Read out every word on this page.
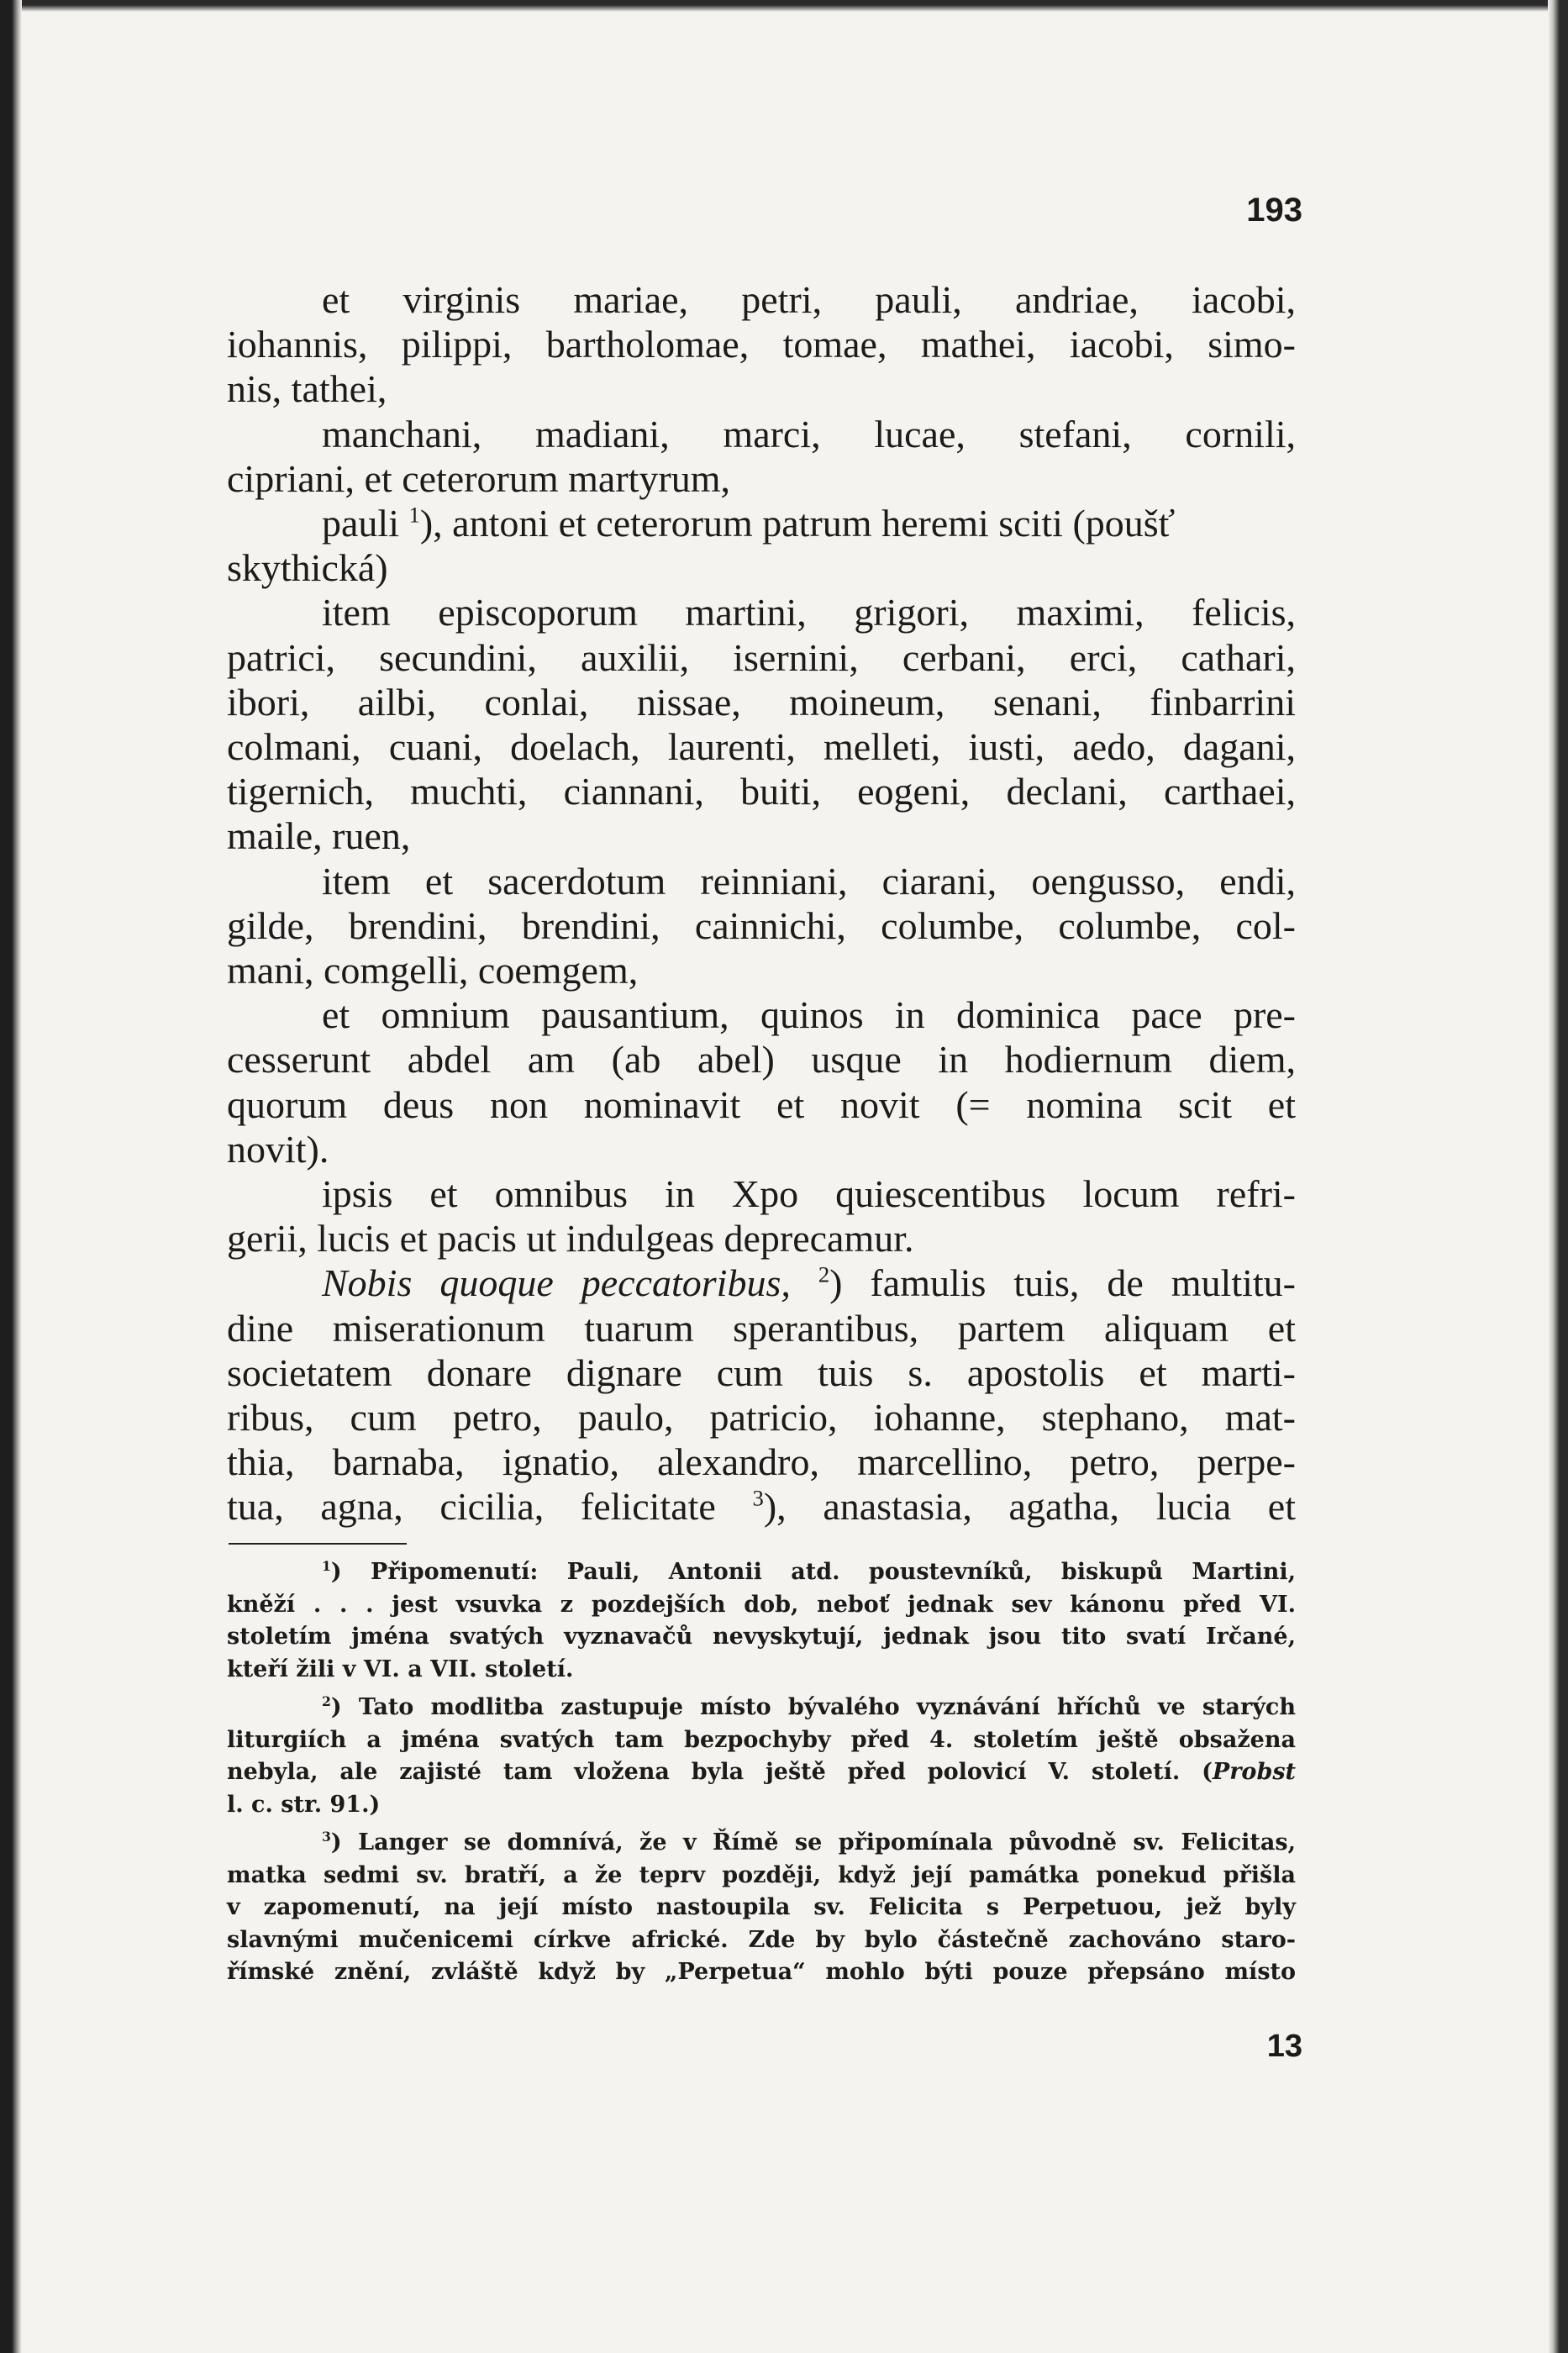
193
et virginis mariae, petri, pauli, andriae, iacobi,
iohannis, pilippi, bartholomae, tomae, mathei, iacobi, simo-
nis, tathei,
manchani, madiani, marci, lucae, stefani, cornili,
cipriani, et ceterorum martyrum,
pauli $^1$), antoni et ceterorum patrum heremi sciti (poušť
skythická)
item episcoporum martini, grigori, maximi, felicis,
patrici, secundini, auxilii, isernini, cerbani, erci, cathari,
ibori, ailbi, conlai, nissae, moineum, senani, finbarrini
colmani, cuani, doelach, laurenti, melleti, iusti, aedo, dagani,
tigernich, muchti, ciannani, buiti, eogeni, declani, carthaei,
maile, ruen,
item et sacerdotum reinniani, ciarani, oengusso, endi,
gilde, brendini, brendini, cainnichi, columbe, columbe, col-
mani, comgelli, coemgem,
et omnium pausantium, quinos in dominica pace pre-
cesserunt abdel am (ab abel) usque in hodiernum diem,
quorum deus non nominavit et novit (= nomina scit et
novit).
ipsis et omnibus in Xpo quiescentibus locum refri-
gerii, lucis et pacis ut indulgeas deprecamur.
Nobis quoque peccatoribus, $^2$) famulis tuis, de multitu-
dine miserationum tuarum sperantibus, partem aliquam et
societatem donare dignare cum tuis s. apostolis et marti-
ribus, cum petro, paulo, patricio, iohanne, stephano, mat-
thia, barnaba, ignatio, alexandro, marcellino, petro, perpe-
tua, agna, cicilia, felicitate $^3$), anastasia, agatha, lucia et
$^1$) Připomenutí: Pauli, Antonii atd. poustevníků, biskupů Martini,
kněží . . . jest vsuvka z pozdejších dob, neboť jednak sev kánonu před VI.
stoletím jména svatých vyznavačů nevyskytují, jednak jsou tito svatí Irčané,
kteří žili v VI. a VII. století.
$^2$) Tato modlitba zastupuje místo bývalého vyznávání hříchů ve starých
liturgiích a jména svatých tam bezpochyby před 4. stoletím ještě obsažena
nebyla, ale zajisté tam vložena byla ještě před polovicí V. století. (Probst
l. c. str. 91.)
$^3$) Langer se domnívá, že v Římě se připomínala původně sv. Felicitas,
matka sedmi sv. bratří, a že teprv později, když její památka ponekud přišla
v zapomenutí, na její místo nastoupila sv. Felicita s Perpetuou, jež byly
slavnými mučenicemi církve africké. Zde by bylo částečně zachováno staro-
římské znění, zvláště když by „Perpetua“ mohlo býti pouze přepsáno místo
13
